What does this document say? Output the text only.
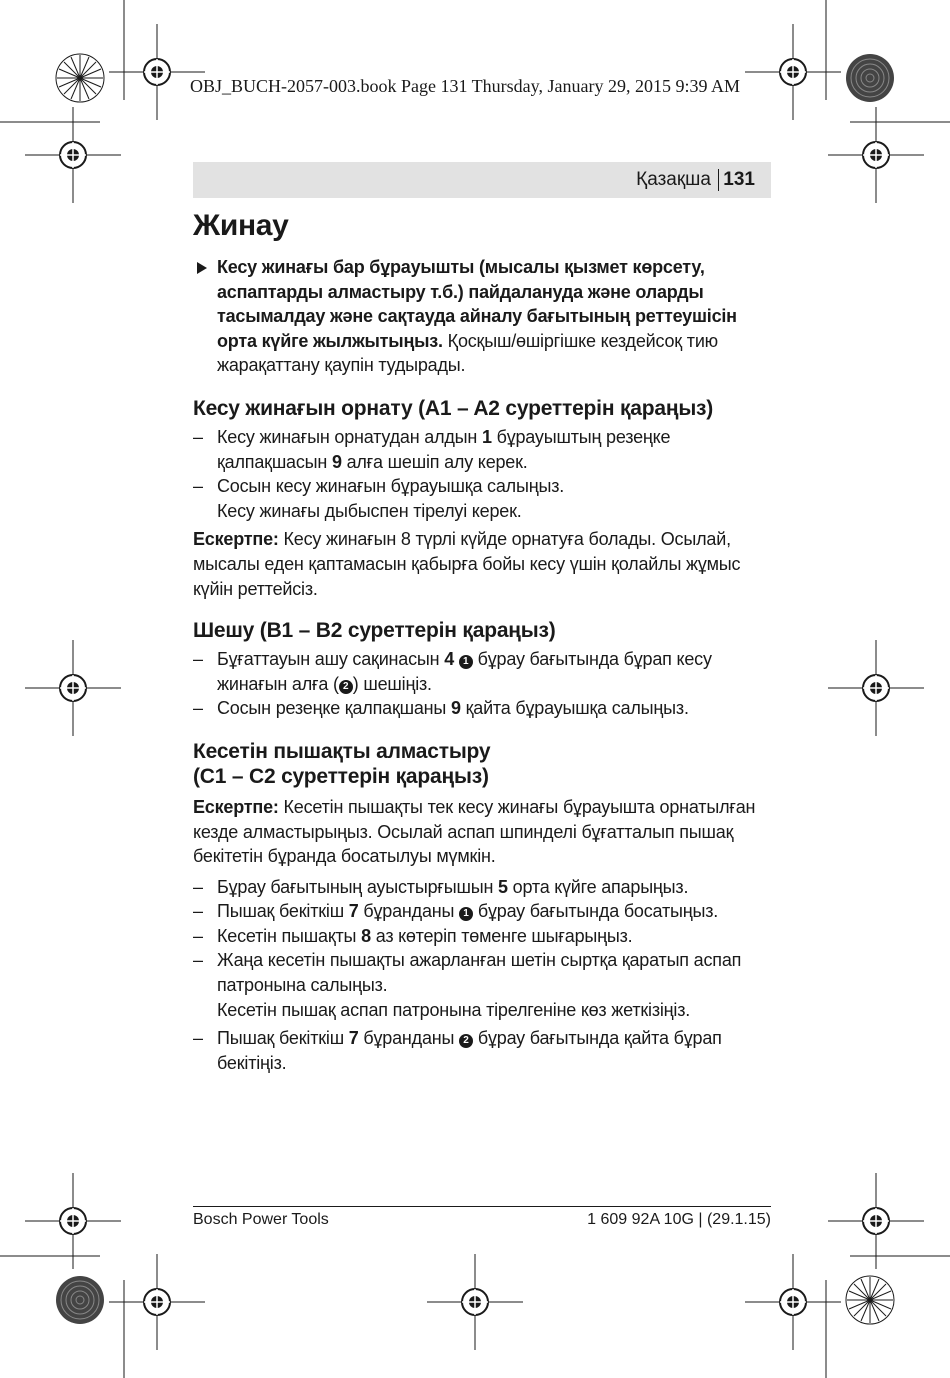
OBJ_BUCH-2057-003.book Page 131 Thursday, January 29, 2015 9:39 AM
Қазақша 131
Жинау
Кесу жинағы бар бұрауышты (мысалы қызмет көрсету, аспаптарды алмастыру т.б.) пайдалануда және оларды тасымалдау және сақтауда айналу бағытының реттеушісін орта күйге жылжытыңыз. Қосқыш/өшіргішке кездейсоқ тию жарақаттану қаупін тудырады.
Кесу жинағын орнату (A1 – A2 суреттерін қараңыз)
– Кесу жинағын орнатудан алдын 1 бұрауыштың резеңке қалпақшасын 9 алға шешіп алу керек.
– Сосын кесу жинағын бұрауышқа салыңыз.
Кесу жинағы дыбыспен тірелуі керек.
Ескертпе: Кесу жинағын 8 түрлі күйде орнатуға болады. Осылай, мысалы еден қаптамасын қабырға бойы кесу үшін қолайлы жұмыс күйін реттейсіз.
Шешу (B1 – B2 суреттерін қараңыз)
– Бұғаттауын ашу сақинасын 4 1 бұрау бағытында бұрап кесу жинағын алға ( 2 ) шешіңіз.
– Сосын резеңке қалпақшаны 9 қайта бұрауышқа салыңыз.
Кесетін пышақты алмастыру
(C1 – C2 суреттерін қараңыз)
Ескертпе: Кесетін пышақты тек кесу жинағы бұрауышта орнатылған кезде алмастырыңыз. Осылай аспап шпинделі бұғатталып пышақ бекітетін бұранда босатылуы мүмкін.
– Бұрау бағытының ауыстырғышын 5 орта күйге апарыңыз.
– Пышақ бекіткіш 7 бұранданы 1 бұрау бағытында босатыңыз.
– Кесетін пышақты 8 аз көтеріп төменге шығарыңыз.
– Жаңа кесетін пышақты ажарланған шетін сыртқа қаратып аспап патронына салыңыз.
Кесетін пышақ аспап патронына тірелгеніне көз жеткізіңіз.
– Пышақ бекіткіш 7 бұранданы 2 бұрау бағытында қайта бұрап бекітіңіз.
Bosch Power Tools	1 609 92A 10G | (29.1.15)
